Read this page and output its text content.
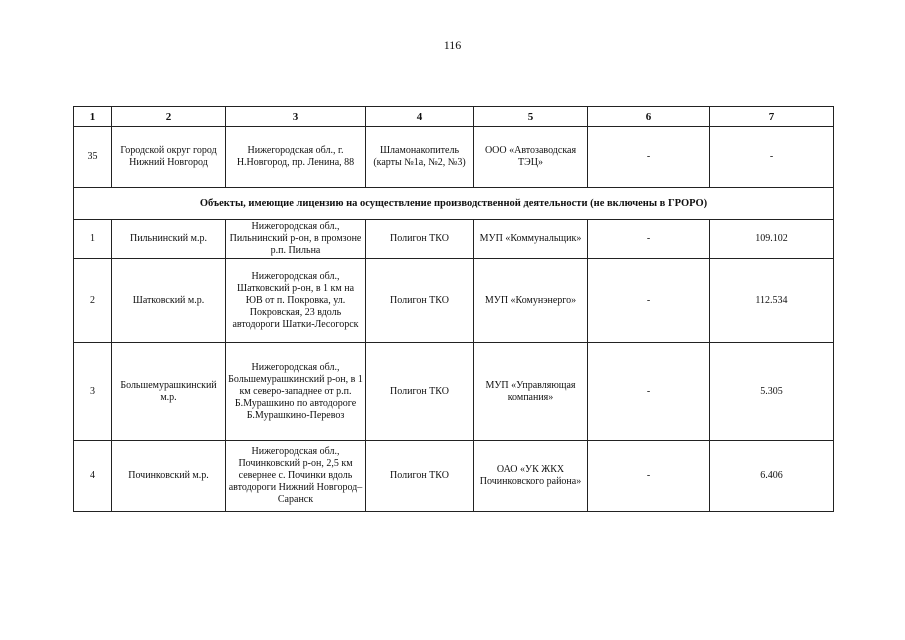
116
1	2	3	4	5	6	7
35	Городской округ город Нижний Новгород	Нижегородская обл., г. Н.Новгород, пр. Ленина, 88	Шламонакопитель (карты №1а, №2, №3)	ООО «Автозаводская ТЭЦ»	-	-
Объекты, имеющие лицензию на осуществление производственной деятельности (не включены в ГРОРО)						
1	Пильнинский м.р.	Нижегородская обл., Пильнинский р-он, в промзоне р.п. Пильна	Полигон ТКО	МУП «Коммунальщик»	-	109.102
2	Шатковский м.р.	Нижегородская обл., Шатковский р-он, в 1 км на ЮВ от п. Покровка, ул. Покровская, 23 вдоль автодороги Шатки-Лесогорск	Полигон ТКО	МУП «Комунэнерго»	-	112.534
3	Большемурашкинский м.р.	Нижегородская обл., Большемурашкинский р-он, в 1 км северо-западнее от р.п. Б.Мурашкино по автодороге Б.Мурашкино-Перевоз	Полигон ТКО	МУП «Управляющая компания»	-	5.305
4	Починковский м.р.	Нижегородская обл., Починковский р-он, 2,5 км севернее с. Починки вдоль автодороги Нижний Новгород–Саранск	Полигон ТКО	ОАО «УК ЖКХ Починковского района»	-	6.406
